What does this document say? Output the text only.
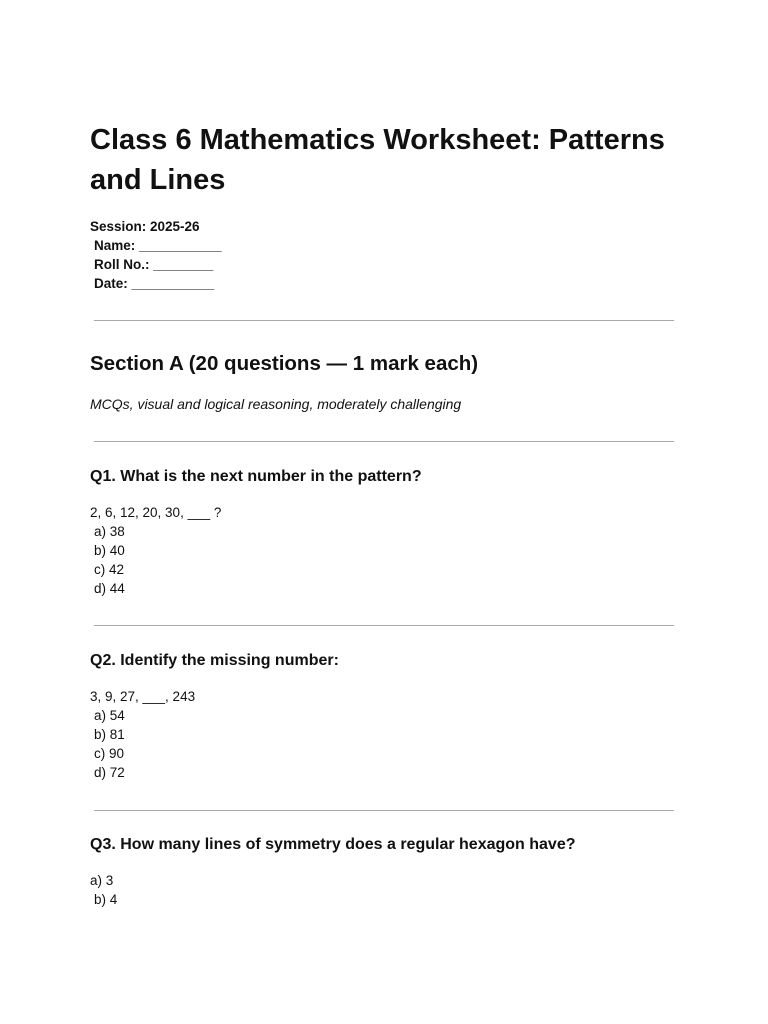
Class 6 Mathematics Worksheet: Patterns and Lines
Session: 2025-26
Name: ___________
Roll No.: ________
Date: ___________
Section A (20 questions — 1 mark each)
MCQs, visual and logical reasoning, moderately challenging
Q1. What is the next number in the pattern?
2, 6, 12, 20, 30, ___ ?
a) 38
b) 40
c) 42
d) 44
Q2. Identify the missing number:
3, 9, 27, ___, 243
a) 54
b) 81
c) 90
d) 72
Q3. How many lines of symmetry does a regular hexagon have?
a) 3
b) 4
